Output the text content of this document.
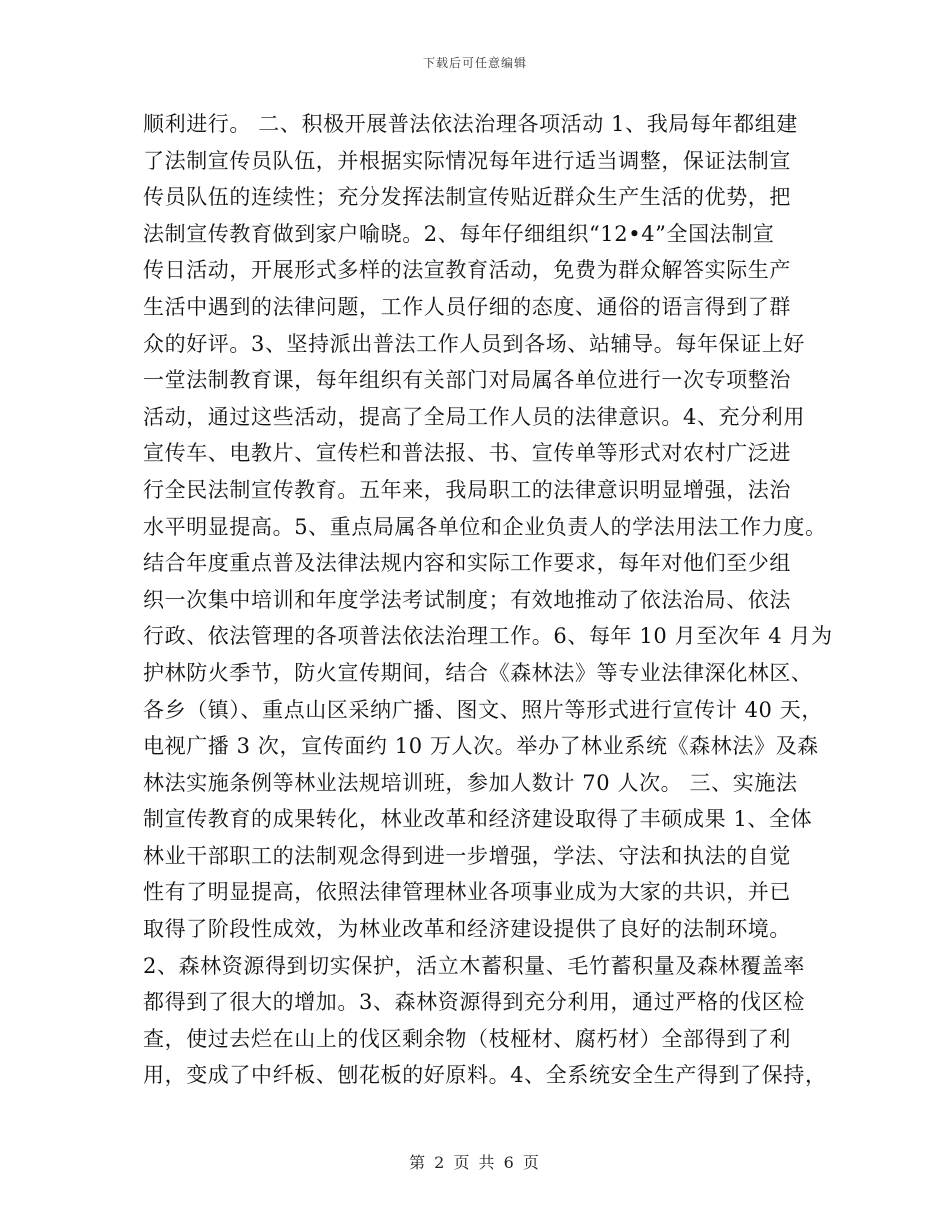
下载后可任意编辑
顺利进行。 二、积极开展普法依法治理各项活动 1、我局每年都组建
了法制宣传员队伍，并根据实际情况每年进行适当调整，保证法制宣
传员队伍的连续性；充分发挥法制宣传贴近群众生产生活的优势，把
法制宣传教育做到家户喻晓。2、每年仔细组织“12•4”全国法制宣
传日活动，开展形式多样的法宣教育活动，免费为群众解答实际生产
生活中遇到的法律问题，工作人员仔细的态度、通俗的语言得到了群
众的好评。3、坚持派出普法工作人员到各场、站辅导。每年保证上好
一堂法制教育课，每年组织有关部门对局属各单位进行一次专项整治
活动，通过这些活动，提高了全局工作人员的法律意识。4、充分利用
宣传车、电教片、宣传栏和普法报、书、宣传单等形式对农村广泛进
行全民法制宣传教育。五年来，我局职工的法律意识明显增强，法治
水平明显提高。5、重点局属各单位和企业负责人的学法用法工作力度。
结合年度重点普及法律法规内容和实际工作要求，每年对他们至少组
织一次集中培训和年度学法考试制度；有效地推动了依法治局、依法
行政、依法管理的各项普法依法治理工作。6、每年 10 月至次年 4 月为
护林防火季节，防火宣传期间，结合《森林法》等专业法律深化林区、
各乡（镇）、重点山区采纳广播、图文、照片等形式进行宣传计 40 天，
电视广播 3 次，宣传面约 10 万人次。举办了林业系统《森林法》及森
林法实施条例等林业法规培训班，参加人数计 70 人次。 三、实施法
制宣传教育的成果转化，林业改革和经济建设取得了丰硕成果 1、全体
林业干部职工的法制观念得到进一步增强，学法、守法和执法的自觉
性有了明显提高，依照法律管理林业各项事业成为大家的共识，并已
取得了阶段性成效，为林业改革和经济建设提供了良好的法制环境。
2、森林资源得到切实保护，活立木蓄积量、毛竹蓄积量及森林覆盖率
都得到了很大的增加。3、森林资源得到充分利用，通过严格的伐区检
查，使过去烂在山上的伐区剩余物（枝桠材、腐朽材）全部得到了利
用，变成了中纤板、刨花板的好原料。4、全系统安全生产得到了保持，
第 2 页 共 6 页
